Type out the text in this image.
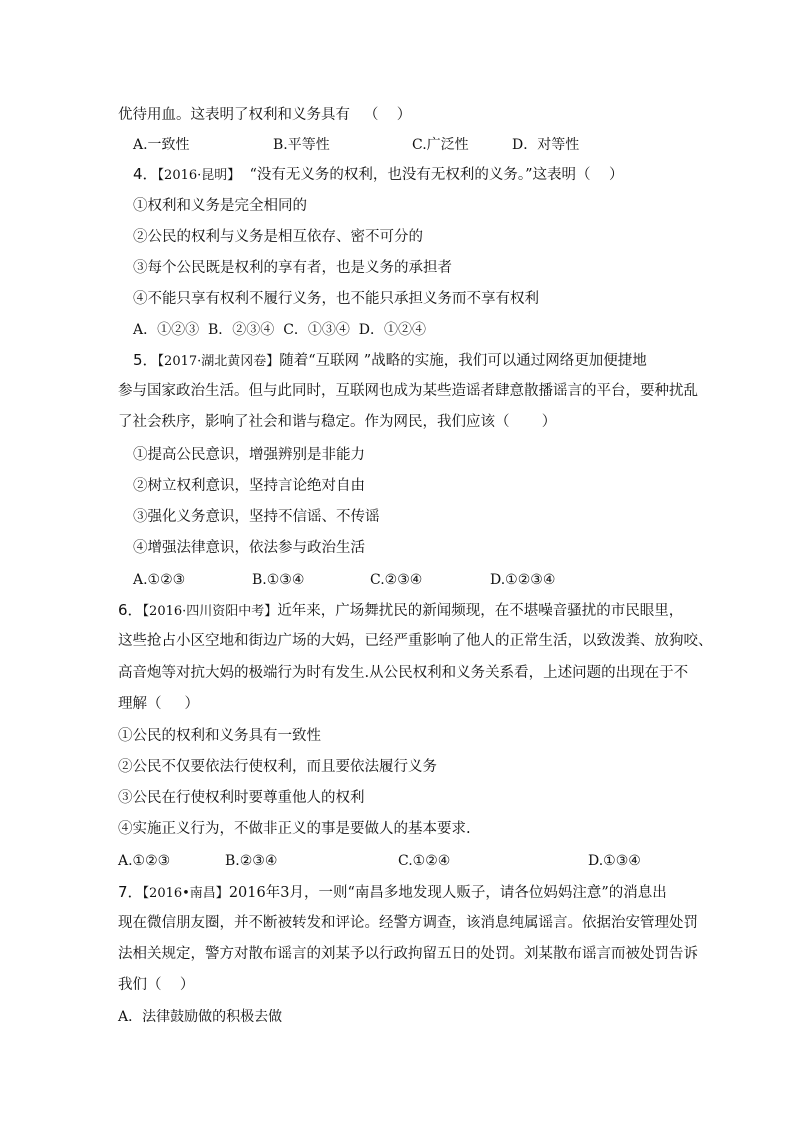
优待用血。这表明了权利和义务具有   （    ）
A.一致性	B.平等性	C.广泛性	D．对等性
4．【2016·昆明】 “没有无义务的权利，也没有无权利的义务。”这表明（    ）
①权利和义务是完全相同的
②公民的权利与义务是相互依存、密不可分的
③每个公民既是权利的享有者，也是义务的承担者
④不能只享有权利不履行义务，也不能只承担义务而不享有权利
A．①②③  B．②③④  C．①③④  D．①②④
5．【2017·湖北黄冈卷】随着“互联网 ”战略的实施，我们可以通过网络更加便捷地
参与国家政治生活。但与此同时，互联网也成为某些造谣者肆意散播谣言的平台，要种扰乱
了社会秩序，影响了社会和谐与稳定。作为网民，我们应该（       ）
①提高公民意识，增强辨别是非能力
②树立权利意识，坚持言论绝对自由
③强化义务意识，坚持不信谣、不传谣
④增强法律意识，依法参与政治生活
A.①②③	B.①③④	C.②③④	D.①②③④
6．【2016·四川资阳中考】近年来，广场舞扰民的新闻频现，在不堪噪音骚扰的市民眼里，
这些抢占小区空地和街边广场的大妈，已经严重影响了他人的正常生活，以致泼粪、放狗咬、
高音炮等对抗大妈的极端行为时有发生.从公民权利和义务关系看，上述问题的出现在于不
理解（     ）
①公民的权利和义务具有一致性
②公民不仅要依法行使权利，而且要依法履行义务
③公民在行使权利时要尊重他人的权利
④实施正义行为，不做非正义的事是要做人的基本要求.
A.①②③	B.②③④	C.①②④	D.①③④
7．【2016•南昌】2016年3月，一则“南昌多地发现人贩子，请各位妈妈注意”的消息出
现在微信朋友圈，并不断被转发和评论。经警方调查，该消息纯属谣言。依据治安管理处罚
法相关规定，警方对散布谣言的刘某予以行政拘留五日的处罚。刘某散布谣言而被处罚告诉
我们（    ）
A．法律鼓励做的积极去做
